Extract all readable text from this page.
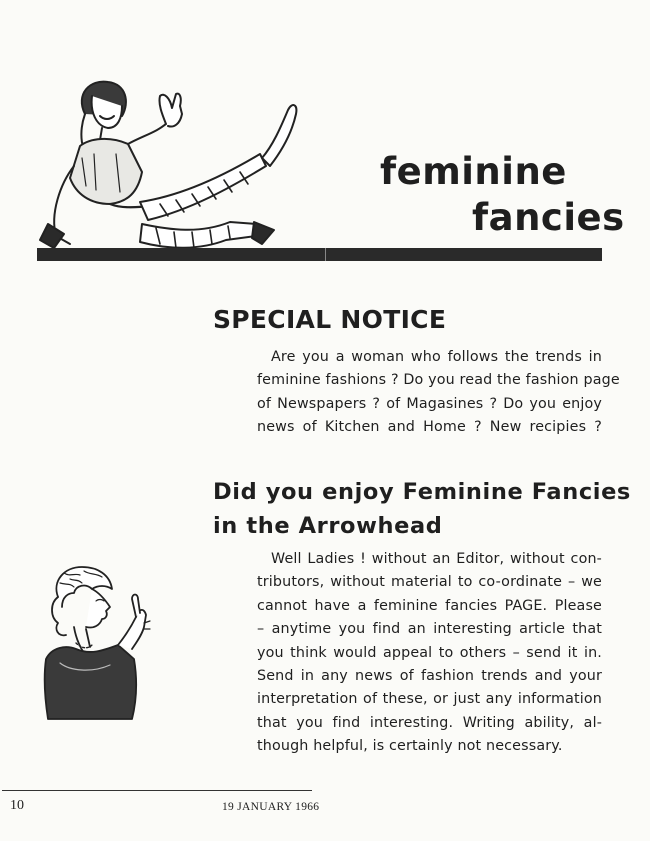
feminine
fancies
SPECIAL NOTICE
Are you a woman who follows the trends in
feminine fashions ? Do you read the fashion page
of Newspapers ? of Magasines ? Do you enjoy
news of Kitchen and Home ? New recipies ?
Did you enjoy Feminine Fancies
in the Arrowhead
Well Ladies ! without an Editor, without con-
tributors, without material to co-ordinate – we
cannot have a feminine fancies PAGE. Please
– anytime you find an interesting article that
you think would appeal to others – send it in.
Send in any news of fashion trends and your
interpretation of these, or just any information
that you find interesting. Writing ability, al-
though helpful, is certainly not necessary.
10	19 JANUARY 1966
